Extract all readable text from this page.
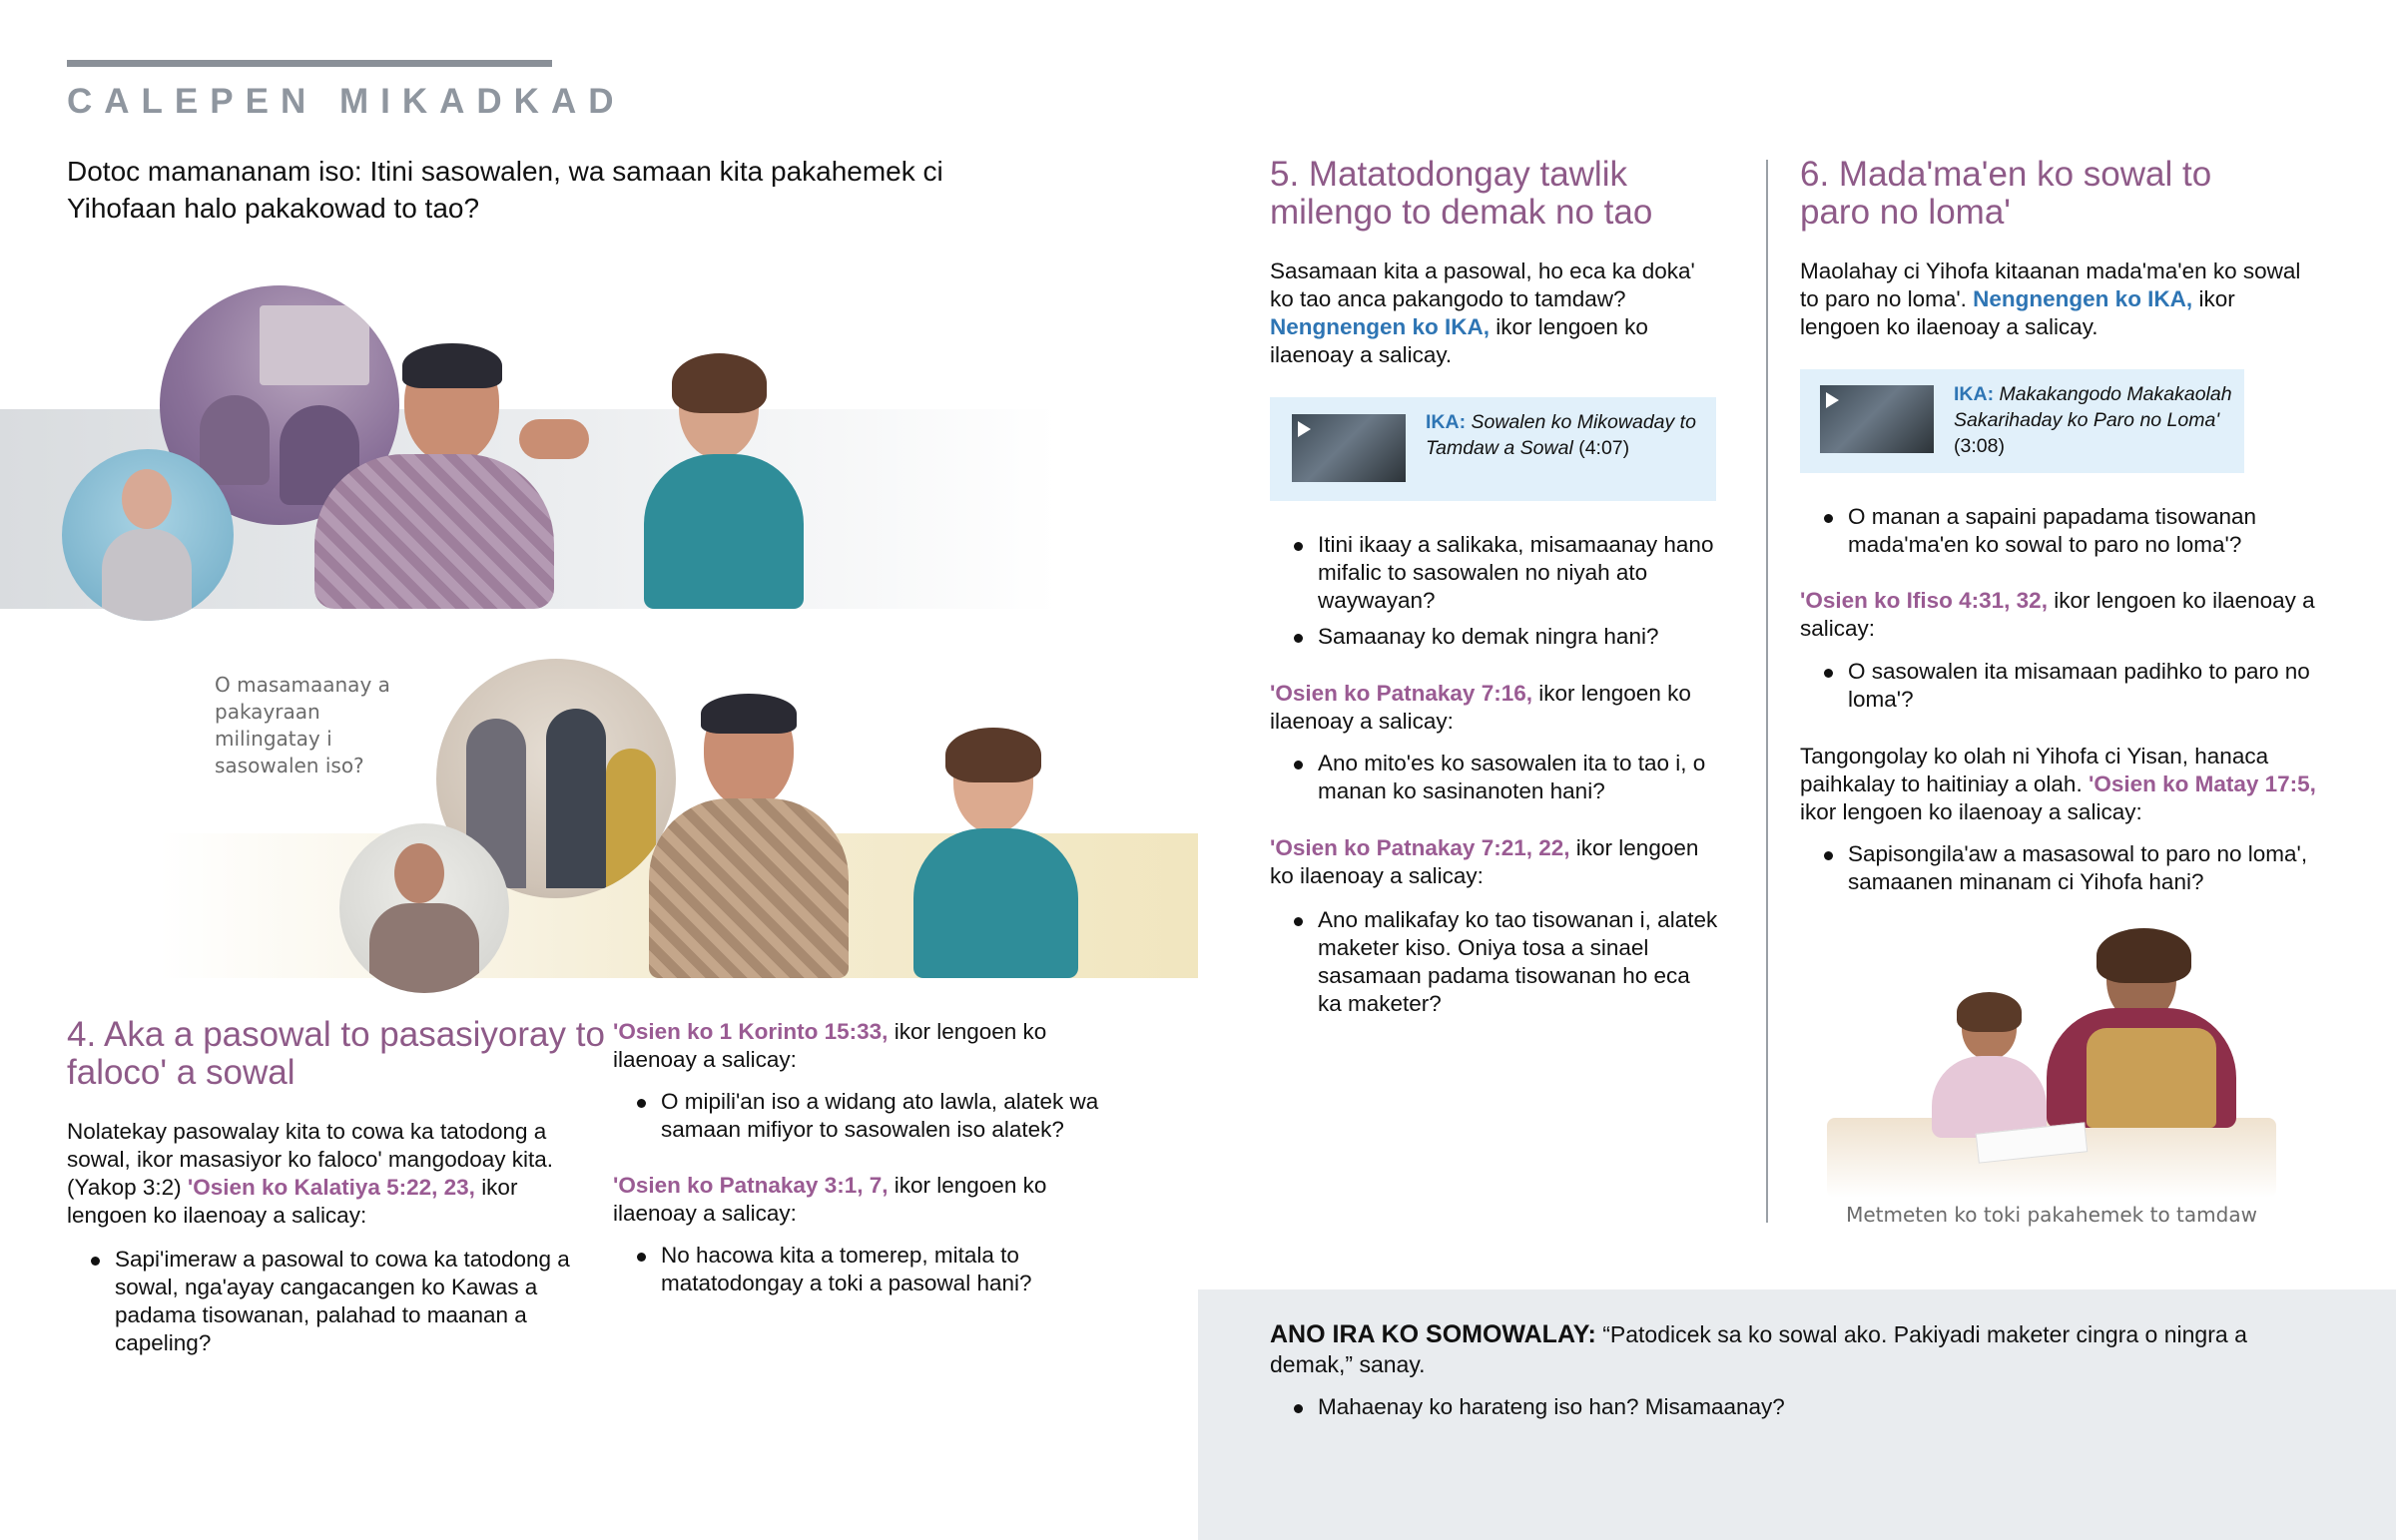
CALEPEN MIKADKAD
Dotoc mamananam iso: Itini sasowalen, wa samaan kita pakahemek ci Yihofaan halo pakakowad to tao?
O masamaanay a pakayraan milingatay i sasowalen iso?
4. Aka a pasowal to pasasiyoray to faloco' a sowal
Nolatekay pasowalay kita to cowa ka tatodong a sowal, ikor masasiyor ko faloco' mangodoay kita. (Yakop 3:2) 'Osien ko Kalatiya 5:22, 23, ikor lengoen ko ilaenoay a salicay:
Sapi'imeraw a pasowal to cowa ka tatodong a sowal, nga'ayay cangacangen ko Kawas a padama tisowanan, palahad to maanan a capeling?
'Osien ko 1 Korinto 15:33, ikor lengoen ko ilaenoay a salicay:
O mipili'an iso a widang ato lawla, alatek wa samaan mifiyor to sasowalen iso alatek?
'Osien ko Patnakay 3:1, 7, ikor lengoen ko ilaenoay a salicay:
No hacowa kita a tomerep, mitala to matatodongay a toki a pasowal hani?
5. Matatodongay tawlik milengo to demak no tao
Sasamaan kita a pasowal, ho eca ka doka' ko tao anca pakangodo to tamdaw? Nengnengen ko IKA, ikor lengoen ko ilaenoay a salicay.
IKA: Sowalen ko Mikowaday to Tamdaw a Sowal (4:07)
Itini ikaay a salikaka, misamaanay hano mifalic to sasowalen no niyah ato waywayan?
Samaanay ko demak ningra hani?
'Osien ko Patnakay 7:16, ikor lengoen ko ilaenoay a salicay:
Ano mito'es ko sasowalen ita to tao i, o manan ko sasinanoten hani?
'Osien ko Patnakay 7:21, 22, ikor lengoen ko ilaenoay a salicay:
Ano malikafay ko tao tisowanan i, alatek maketer kiso. Oniya tosa a sinael sasamaan padama tisowanan ho eca ka maketer?
6. Mada'ma'en ko sowal to paro no loma'
Maolahay ci Yihofa kitaanan mada'ma'en ko sowal to paro no loma'. Nengnengen ko IKA, ikor lengoen ko ilaenoay a salicay.
IKA: Makakangodo Makakaolah Sakarihaday ko Paro no Loma' (3:08)
O manan a sapaini papadama tisowanan mada'ma'en ko sowal to paro no loma'?
'Osien ko Ifiso 4:31, 32, ikor lengoen ko ilaenoay a salicay:
O sasowalen ita misamaan padihko to paro no loma'?
Tangongolay ko olah ni Yihofa ci Yisan, hanaca paihkalay to haitiniay a olah. 'Osien ko Matay 17:5, ikor lengoen ko ilaenoay a salicay:
Sapisongila'aw a masasowal to paro no loma', samaanen minanam ci Yihofa hani?
Metmeten ko toki pakahemek to tamdaw
ANO IRA KO SOMOWALAY: “Patodicek sa ko sowal ako. Pakiyadi maketer cingra o ningra a demak,” sanay.
Mahaenay ko harateng iso han? Misamaanay?
